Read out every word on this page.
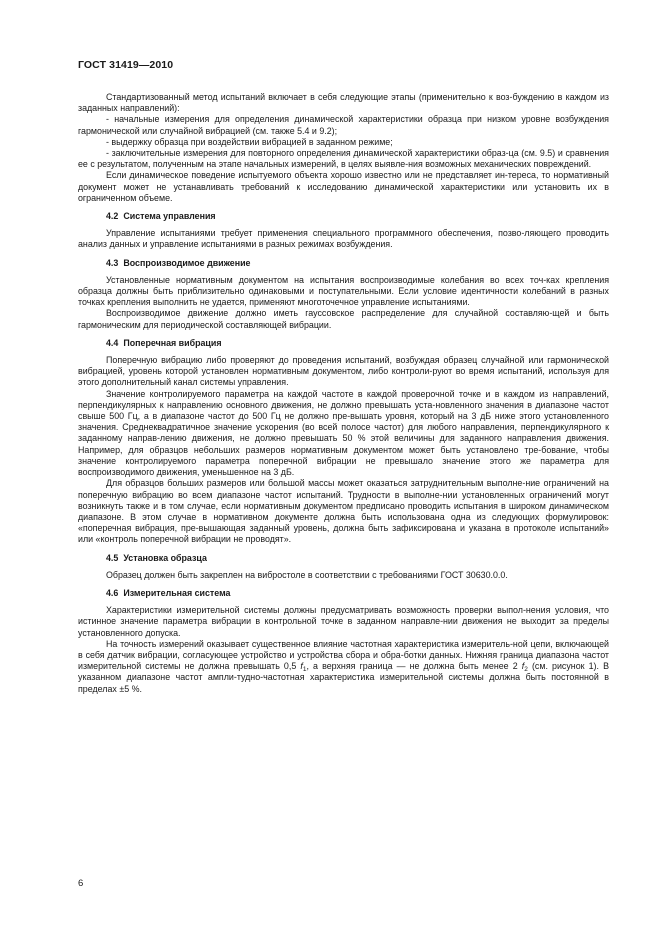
ГОСТ 31419—2010

Стандартизованный метод испытаний включает в себя следующие этапы (применительно к воз-буждению в каждом из заданных направлений):

- начальные измерения для определения динамической характеристики образца при низком уровне возбуждения гармонической или случайной вибрацией (см. также 5.4 и 9.2);

- выдержку образца при воздействии вибрацией в заданном режиме;

- заключительные измерения для повторного определения динамической характеристики образ-ца (см. 9.5) и сравнения ее с результатом, полученным на этапе начальных измерений, в целях выявле-ния возможных механических повреждений.

Если динамическое поведение испытуемого объекта хорошо известно или не представляет ин-тереса, то нормативный документ может не устанавливать требований к исследованию динамической характеристики или установить их в ограниченном объеме.

4.2 Система управления

Управление испытаниями требует применения специального программного обеспечения, позво-ляющего проводить анализ данных и управление испытаниями в разных режимах возбуждения.

4.3 Воспроизводимое движение

Установленные нормативным документом на испытания воспроизводимые колебания во всех точ-ках крепления образца должны быть приблизительно одинаковыми и поступательными. Если условие идентичности колебаний в разных точках крепления выполнить не удается, применяют многоточечное управление испытаниями.

Воспроизводимое движение должно иметь гауссовское распределение для случайной составляю-щей и быть гармоническим для периодической составляющей вибрации.

4.4 Поперечная вибрация

Поперечную вибрацию либо проверяют до проведения испытаний, возбуждая образец случайной или гармонической вибрацией, уровень которой установлен нормативным документом, либо контроли-руют во время испытаний, используя для этого дополнительный канал системы управления.

Значение контролируемого параметра на каждой частоте в каждой проверочной точке и в каждом из направлений, перпендикулярных к направлению основного движения, не должно превышать уста-новленного значения в диапазоне частот свыше 500 Гц, а в диапазоне частот до 500 Гц не должно пре-вышать уровня, который на 3 дБ ниже этого установленного значения. Среднеквадратичное значение ускорения (во всей полосе частот) для любого направления, перпендикулярного к заданному направ-лению движения, не должно превышать 50 % этой величины для заданного направления движения. Например, для образцов небольших размеров нормативным документом может быть установлено тре-бование, чтобы значение контролируемого параметра поперечной вибрации не превышало значение этого же параметра для воспроизводимого движения, уменьшенное на 3 дБ.

Для образцов больших размеров или большой массы может оказаться затруднительным выполне-ние ограничений на поперечную вибрацию во всем диапазоне частот испытаний. Трудности в выполне-нии установленных ограничений могут возникнуть также и в том случае, если нормативным документом предписано проводить испытания в широком динамическом диапазоне. В этом случае в нормативном документе должна быть использована одна из следующих формулировок: «поперечная вибрация, пре-вышающая заданный уровень, должна быть зафиксирована и указана в протоколе испытаний» или «контроль поперечной вибрации не проводят».

4.5 Установка образца

Образец должен быть закреплен на вибростоле в соответствии с требованиями ГОСТ 30630.0.0.

4.6 Измерительная система

Характеристики измерительной системы должны предусматривать возможность проверки выпол-нения условия, что истинное значение параметра вибрации в контрольной точке в заданном направле-нии движения не выходит за пределы установленного допуска.

На точность измерений оказывает существенное влияние частотная характеристика измеритель-ной цепи, включающей в себя датчик вибрации, согласующее устройство и устройства сбора и обра-ботки данных. Нижняя граница диапазона частот измерительной системы не должна превышать 0,5 $f_1$, а верхняя граница — не должна быть менее 2 $f_2$ (см. рисунок 1). В указанном диапазоне частот ампли-тудно-частотная характеристика измерительной системы должна быть постоянной в пределах ±5 %.

6
